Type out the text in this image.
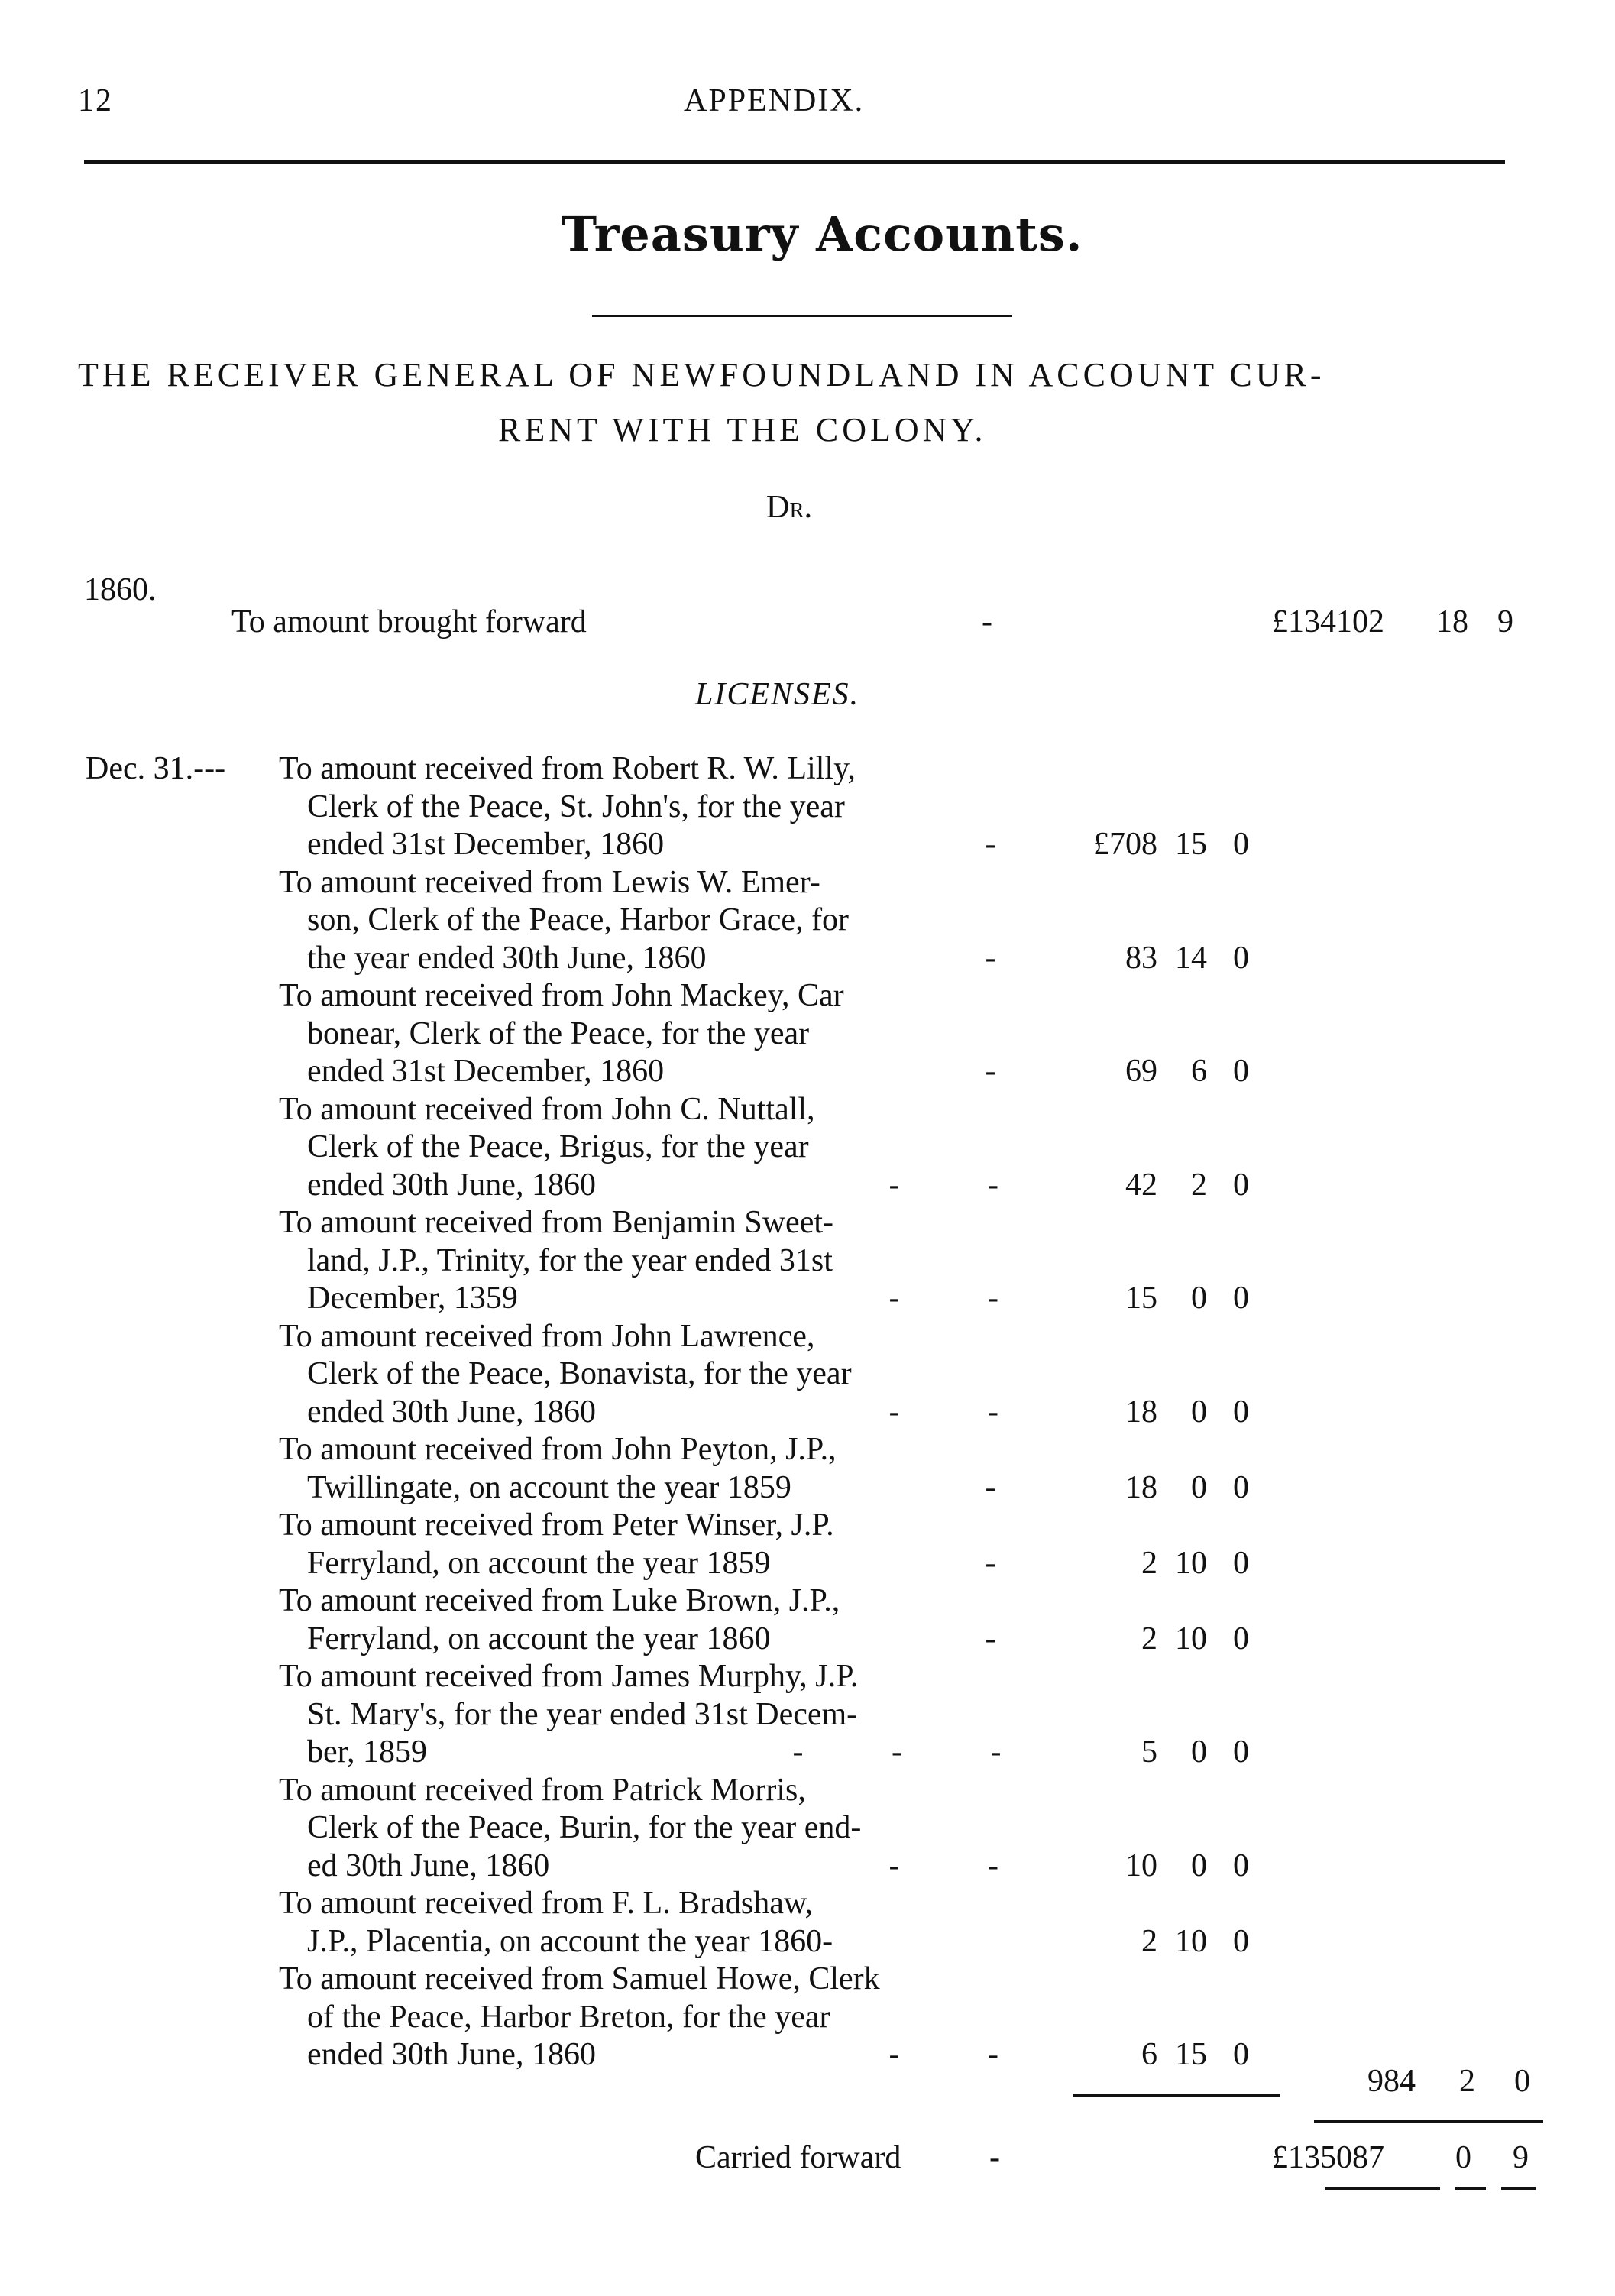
12	APPENDIX.
Treasury Accounts.
THE RECEIVER GENERAL OF NEWFOUNDLAND IN ACCOUNT CUR-
RENT WITH THE COLONY.
Dr.
1860.
To amount brought forward	-	£134102 18 9
LICENSES.
Dec. 31.--- To amount received from Robert R. W. Lilly,
Clerk of the Peace, St. John's, for the year
ended 31st December, 1860	-	£708 15 0
To amount received from Lewis W. Emer-
son, Clerk of the Peace, Harbor Grace, for
the year ended 30th June, 1860	-	83 14 0
To amount received from John Mackey, Car
bonear, Clerk of the Peace, for the year
ended 31st December, 1860	-	69	6 0
To amount received from John C. Nuttall,
Clerk of the Peace, Brigus, for the year
ended 30th June, 1860	-           -	42	2 0
To amount received from Benjamin Sweet-
land, J.P., Trinity, for the year ended 31st
December, 1359	-           -	15	0 0
To amount received from John Lawrence,
Clerk of the Peace, Bonavista, for the year
ended 30th June, 1860	-           -	18	0 0
To amount received from John Peyton, J.P.,
Twillingate, on account the year 1859	-	18	0 0
To amount received from Peter Winser, J.P.
Ferryland, on account the year 1859	-	2 10 0
To amount received from Luke Brown, J.P.,
Ferryland, on account the year 1860	-	2 10 0
To amount received from James Murphy, J.P.
St. Mary's, for the year ended 31st Decem-
ber, 1859	-           -           -	5	0 0
To amount received from Patrick Morris,
Clerk of the Peace, Burin, for the year end-
ed 30th June, 1860	-           -	10	0 0
To amount received from F. L. Bradshaw,
J.P., Placentia, on account the year 1860-	2 10 0
To amount received from Samuel Howe, Clerk
of the Peace, Harbor Breton, for the year
ended 30th June, 1860	-           -	6 15 0
984 2 0
Carried forward	-	£135087 0 9
